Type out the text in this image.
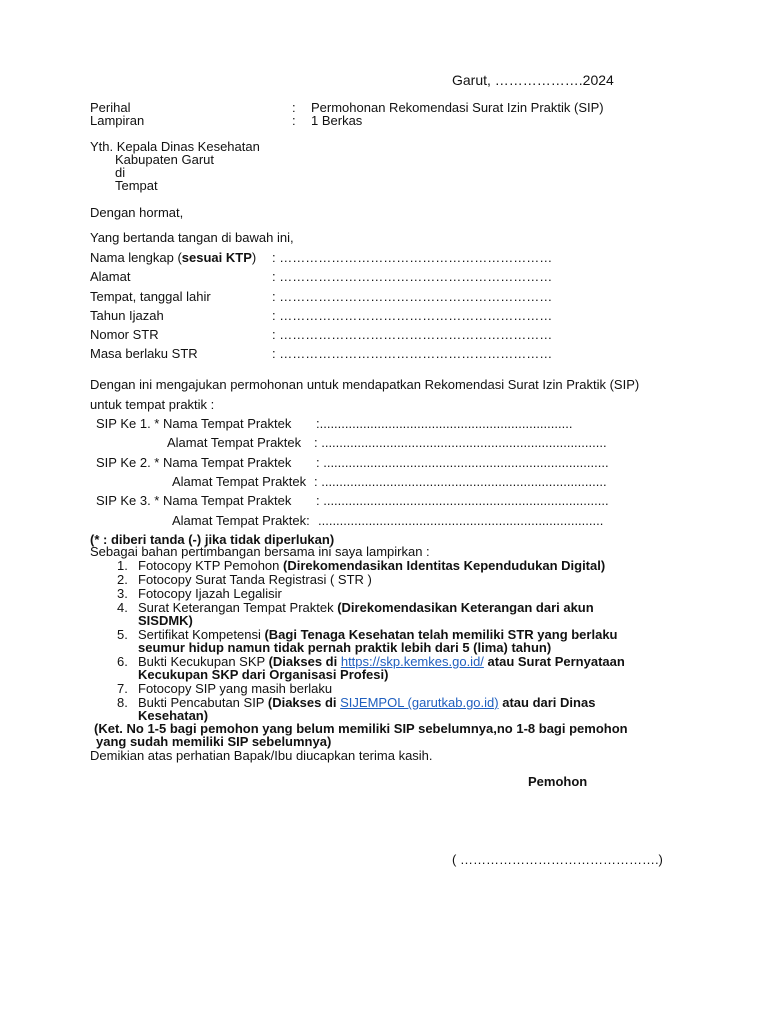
Garut, ……………….2024
Perihal	: Permohonan Rekomendasi Surat Izin Praktik (SIP)
Lampiran	: 1 Berkas
Yth. Kepala Dinas Kesehatan
Kabupaten Garut
di
Tempat
Dengan hormat,
Yang bertanda tangan di bawah ini,
Nama lengkap (sesuai KTP) : ………………………………………………………
Alamat	: ………………………………………………………
Tempat, tanggal lahir	: ………………………………………………………
Tahun Ijazah	: ………………………………………………………
Nomor STR	: ………………………………………………………
Masa berlaku STR	: ………………………………………………………
Dengan ini mengajukan permohonan untuk mendapatkan Rekomendasi Surat Izin Praktik (SIP)
untuk tempat praktik :
SIP Ke 1. * Nama Tempat Praktek :......................................................................
Alamat Tempat Praktek : ...............................................................................
SIP Ke 2. * Nama Tempat Praktek : ...............................................................................
Alamat Tempat Praktek : ...............................................................................
SIP Ke 3. * Nama Tempat Praktek : ...............................................................................
Alamat Tempat Praktek: ...............................................................................
(* : diberi tanda (-) jika tidak diperlukan)
Sebagai bahan pertimbangan bersama ini saya lampirkan :
1. Fotocopy KTP Pemohon (Direkomendasikan Identitas Kependudukan Digital)
2. Fotocopy Surat Tanda Registrasi ( STR )
3. Fotocopy Ijazah Legalisir
4. Surat Keterangan Tempat Praktek (Direkomendasikan Keterangan dari akun
SISDMK)
5. Sertifikat Kompetensi (Bagi Tenaga Kesehatan telah memiliki STR yang berlaku
seumur hidup namun tidak pernah praktik lebih dari 5 (lima) tahun)
6. Bukti Kecukupan SKP (Diakses di https://skp.kemkes.go.id/ atau Surat Pernyataan
Kecukupan SKP dari Organisasi Profesi)
7. Fotocopy SIP yang masih berlaku
8. Bukti Pencabutan SIP (Diakses di SIJEMPOL (garutkab.go.id) atau dari Dinas
Kesehatan)
(Ket. No 1-5 bagi pemohon yang belum memiliki SIP sebelumnya,no 1-8 bagi pemohon
yang sudah memiliki SIP sebelumnya)
Demikian atas perhatian Bapak/Ibu diucapkan terima kasih.
Pemohon
( ……………………………………….)
